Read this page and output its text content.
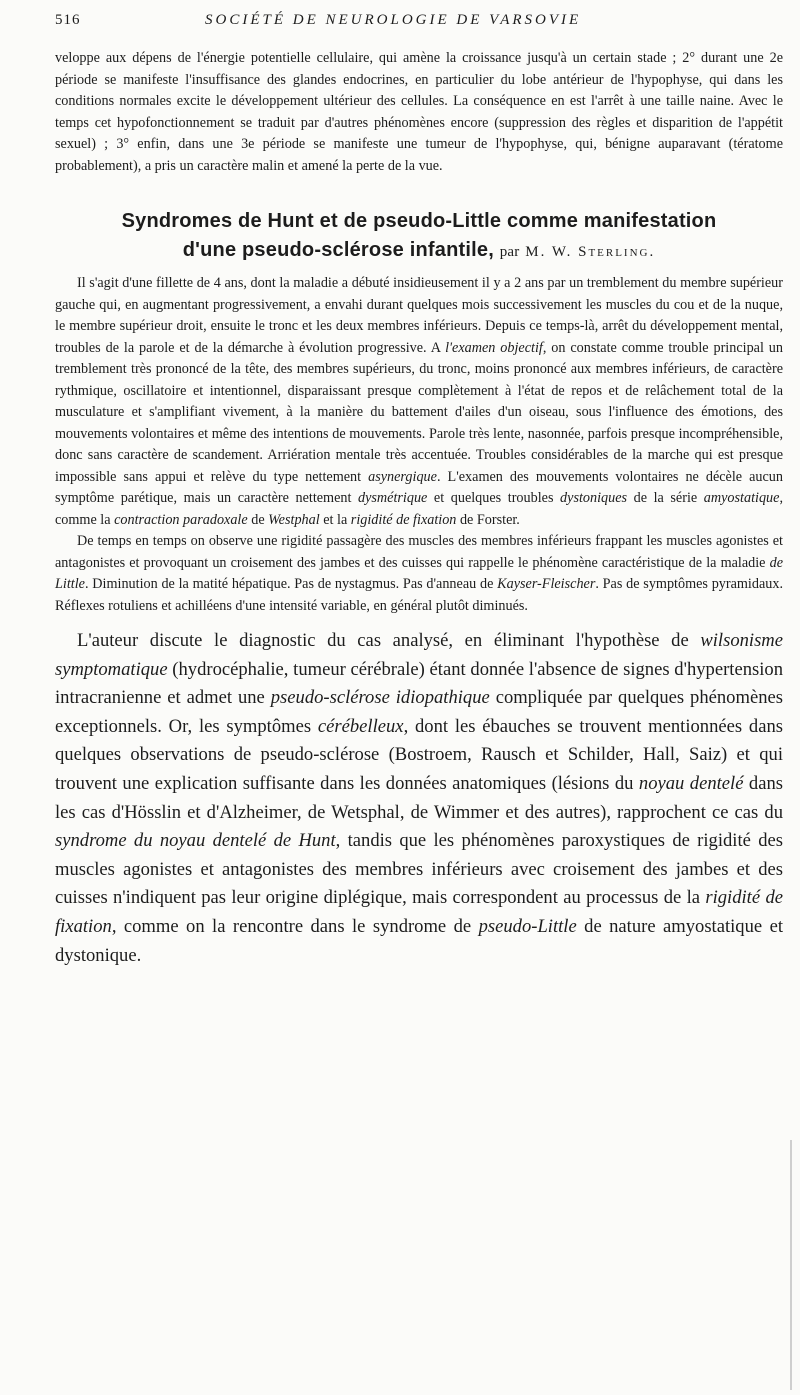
516	SOCIÉTÉ DE NEUROLOGIE DE VARSOVIE

veloppe aux dépens de l'énergie potentielle cellulaire, qui amène la croissance jusqu'à un certain stade ; 2° durant une 2e période se manifeste l'insuffisance des glandes endocrines, en particulier du lobe antérieur de l'hypophyse, qui dans les conditions normales excite le développement ultérieur des cellules. La conséquence en est l'arrêt à une taille naine. Avec le temps cet hypofonctionnement se traduit par d'autres phénomènes encore (suppression des règles et disparition de l'appétit sexuel) ; 3° enfin, dans une 3e période se manifeste une tumeur de l'hypophyse, qui, bénigne auparavant (tératome probablement), a pris un caractère malin et amené la perte de la vue.

Syndromes de Hunt et de pseudo-Little comme manifestation
d'une pseudo-sclérose infantile, par M. W. Sterling.

Il s'agit d'une fillette de 4 ans, dont la maladie a débuté insidieusement il y a 2 ans par un tremblement du membre supérieur gauche qui, en augmentant progressivement, a envahi durant quelques mois successivement les muscles du cou et de la nuque, le membre supérieur droit, ensuite le tronc et les deux membres inférieurs. Depuis ce temps-là, arrêt du développement mental, troubles de la parole et de la démarche à évolution progressive. A l'examen objectif, on constate comme trouble principal un tremblement très prononcé de la tête, des membres supérieurs, du tronc, moins prononcé aux membres inférieurs, de caractère rythmique, oscillatoire et intentionnel, disparaissant presque complètement à l'état de repos et de relâchement total de la musculature et s'amplifiant vivement, à la manière du battement d'ailes d'un oiseau, sous l'influence des émotions, des mouvements volontaires et même des intentions de mouvements. Parole très lente, nasonnée, parfois presque incompréhensible, donc sans caractère de scandement. Arriération mentale très accentuée. Troubles considérables de la marche qui est presque impossible sans appui et relève du type nettement asynergique. L'examen des mouvements volontaires ne décèle aucun symptôme parétique, mais un caractère nettement dysmétrique et quelques troubles dystoniques de la série amyostatique, comme la contraction paradoxale de Westphal et la rigidité de fixation de Forster.

De temps en temps on observe une rigidité passagère des muscles des membres inférieurs frappant les muscles agonistes et antagonistes et provoquant un croisement des jambes et des cuisses qui rappelle le phénomène caractéristique de la maladie de Little. Diminution de la matité hépatique. Pas de nystagmus. Pas d'anneau de Kayser-Fleischer. Pas de symptômes pyramidaux. Réflexes rotuliens et achilléens d'une intensité variable, en général plutôt diminués.

L'auteur discute le diagnostic du cas analysé, en éliminant l'hypothèse de wilsonisme symptomatique (hydrocéphalie, tumeur cérébrale) étant donnée l'absence de signes d'hypertension intracranienne et admet une pseudo-sclérose idiopathique compliquée par quelques phénomènes exceptionnels. Or, les symptômes cérébelleux, dont les ébauches se trouvent mentionnées dans quelques observations de pseudo-sclérose (Bostroem, Rausch et Schilder, Hall, Saiz) et qui trouvent une explication suffisante dans les données anatomiques (lésions du noyau dentelé dans les cas d'Hösslin et d'Alzheimer, de Wetsphal, de Wimmer et des autres), rapprochent ce cas du syndrome du noyau dentelé de Hunt, tandis que les phénomènes paroxystiques de rigidité des muscles agonistes et antagonistes des membres inférieurs avec croisement des jambes et des cuisses n'indiquent pas leur origine diplégique, mais correspondent au processus de la rigidité de fixation, comme on la rencontre dans le syndrome de pseudo-Little de nature amyostatique et dystonique.
